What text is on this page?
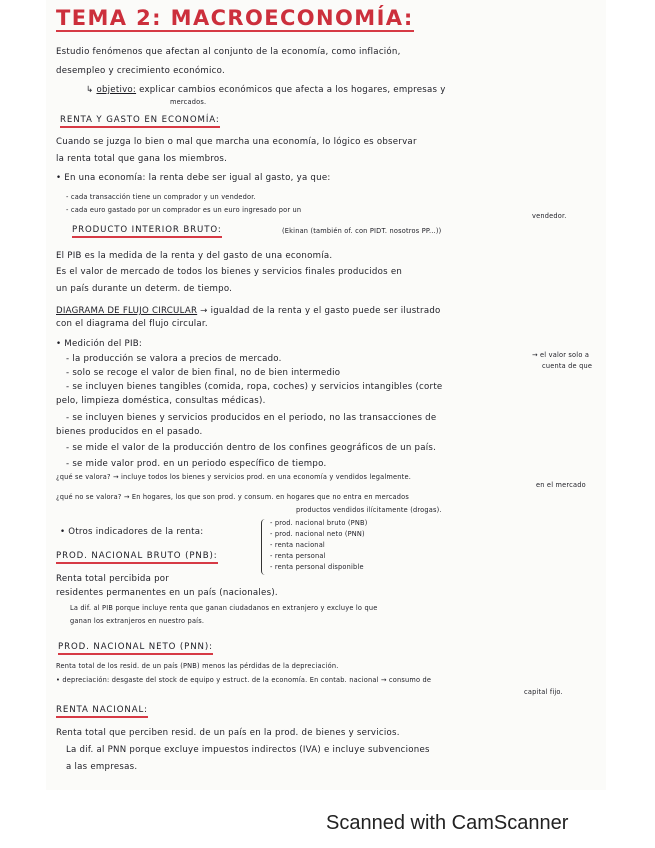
TEMA 2: MACROECONOMÍA:
Estudio fenómenos que afectan al conjunto de la economía, como inflación,
desempleo y crecimiento económico.
↳ objetivo: explicar cambios económicos que afecta a los hogares, empresas y
mercados.
RENTA Y GASTO EN ECONOMÍA:
Cuando se juzga lo bien o mal que marcha una economía, lo lógico es observar
la renta total que gana los miembros.
• En una economía: la renta debe ser igual al gasto, ya que:
- cada transacción tiene un comprador y un vendedor.
- cada euro gastado por un comprador es un euro ingresado por un
vendedor.
PRODUCTO INTERIOR BRUTO:	(Ekinan (también of. con PIDT. nosotros PP...))
El PIB es la medida de la renta y del gasto de una economía.
Es el valor de mercado de todos los bienes y servicios finales producidos en
un país durante un determ. de tiempo.
DIAGRAMA DE FLUJO CIRCULAR → igualdad de la renta y el gasto puede ser ilustrado
con el diagrama del flujo circular.
• Medición del PIB:
- la producción se valora a precios de mercado.
- solo se recoge el valor de bien final, no de bien intermedio
→ el valor solo a
cuenta de que
- se incluyen bienes tangibles (comida, ropa, coches) y servicios intangibles (corte
pelo, limpieza doméstica, consultas médicas).
- se incluyen bienes y servicios producidos en el periodo, no las transacciones de
bienes producidos en el pasado.
- se mide el valor de la producción dentro de los confines geográficos de un país.
- se mide valor prod. en un periodo específico de tiempo.
¿qué se valora? → incluye todos los bienes y servicios prod. en una economía y vendidos legalmente.
en el mercado
¿qué no se valora? → En hogares, los que son prod. y consum. en hogares que no entra en mercados
productos vendidos ilícitamente (drogas).
• Otros indicadores de la renta:
- prod. nacional bruto (PNB)
- prod. nacional neto (PNN)
- renta nacional
- renta personal
- renta personal disponible
PROD. NACIONAL BRUTO (PNB):
Renta total percibida por
residentes permanentes en un país (nacionales).
La dif. al PIB porque incluye renta que ganan ciudadanos en extranjero y excluye lo que
ganan los extranjeros en nuestro país.
PROD. NACIONAL NETO (PNN):
Renta total de los resid. de un país (PNB) menos las pérdidas de la depreciación.
• depreciación: desgaste del stock de equipo y estruct. de la economía. En contab. nacional → consumo de
capital fijo.
RENTA NACIONAL:
Renta total que perciben resid. de un país en la prod. de bienes y servicios.
La dif. al PNN porque excluye impuestos indirectos (IVA) e incluye subvenciones
a las empresas.
Scanned with CamScanner
